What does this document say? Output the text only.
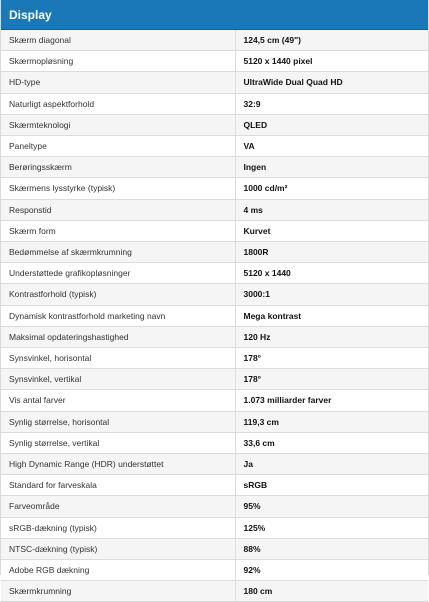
Display
Skærm diagonal	124,5 cm (49")
Skærmopløsning	5120 x 1440 pixel
HD-type	UltraWide Dual Quad HD
Naturligt aspektforhold	32:9
Skærmteknologi	QLED
Paneltype	VA
Berøringsskærm	Ingen
Skærmens lysstyrke (typisk)	1000 cd/m²
Responstid	4 ms
Skærm form	Kurvet
Bedømmelse af skærmkrumning	1800R
Understøttede grafikopløsninger	5120 x 1440
Kontrastforhold (typisk)	3000:1
Dynamisk kontrastforhold marketing navn	Mega kontrast
Maksimal opdateringshastighed	120 Hz
Synsvinkel, horisontal	178°
Synsvinkel, vertikal	178°
Vis antal farver	1.073 milliarder farver
Synlig størrelse, horisontal	119,3 cm
Synlig størrelse, vertikal	33,6 cm
High Dynamic Range (HDR) understøttet	Ja
Standard for farveskala	sRGB
Farveområde	95%
sRGB-dækning (typisk)	125%
NTSC-dækning (typisk)	88%
Adobe RGB dækning	92%
Skærmkrumning	180 cm
